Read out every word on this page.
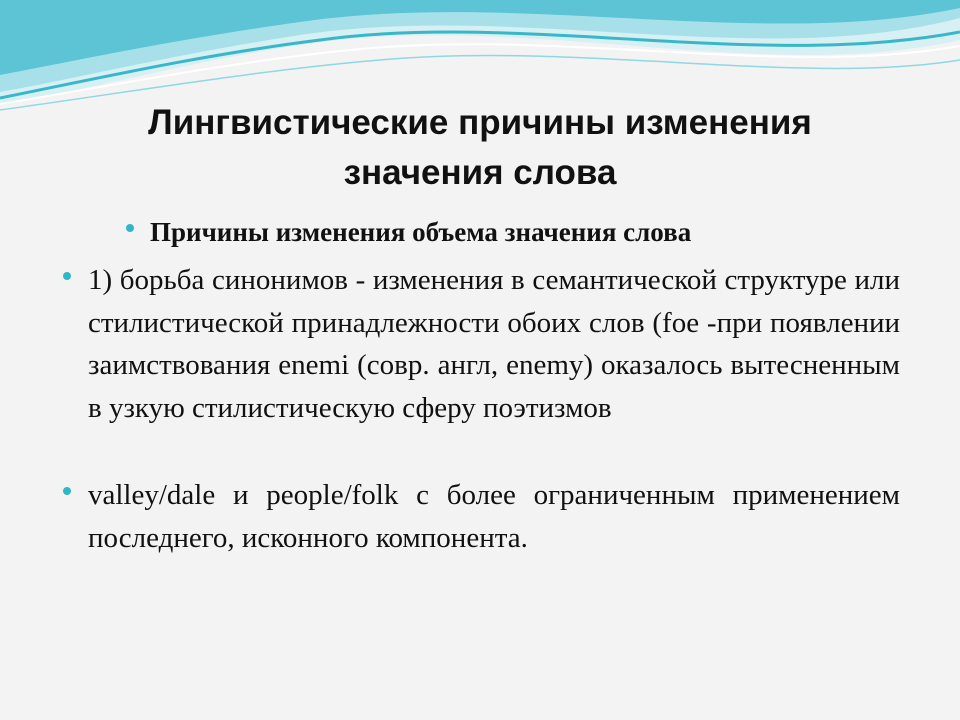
Лингвистические причины изменения
значения слова
Причины изменения объема значения слова
1) борьба синонимов - изменения в семантической структуре или стилистической принадлежности обоих слов (foe -при появлении заимствования enemi (совр. англ, enemy) оказалось вытесненным в узкую стилистическую сферу поэтизмов
valley/dale и people/folk с более ограниченным применением последнего, исконного компонента.
